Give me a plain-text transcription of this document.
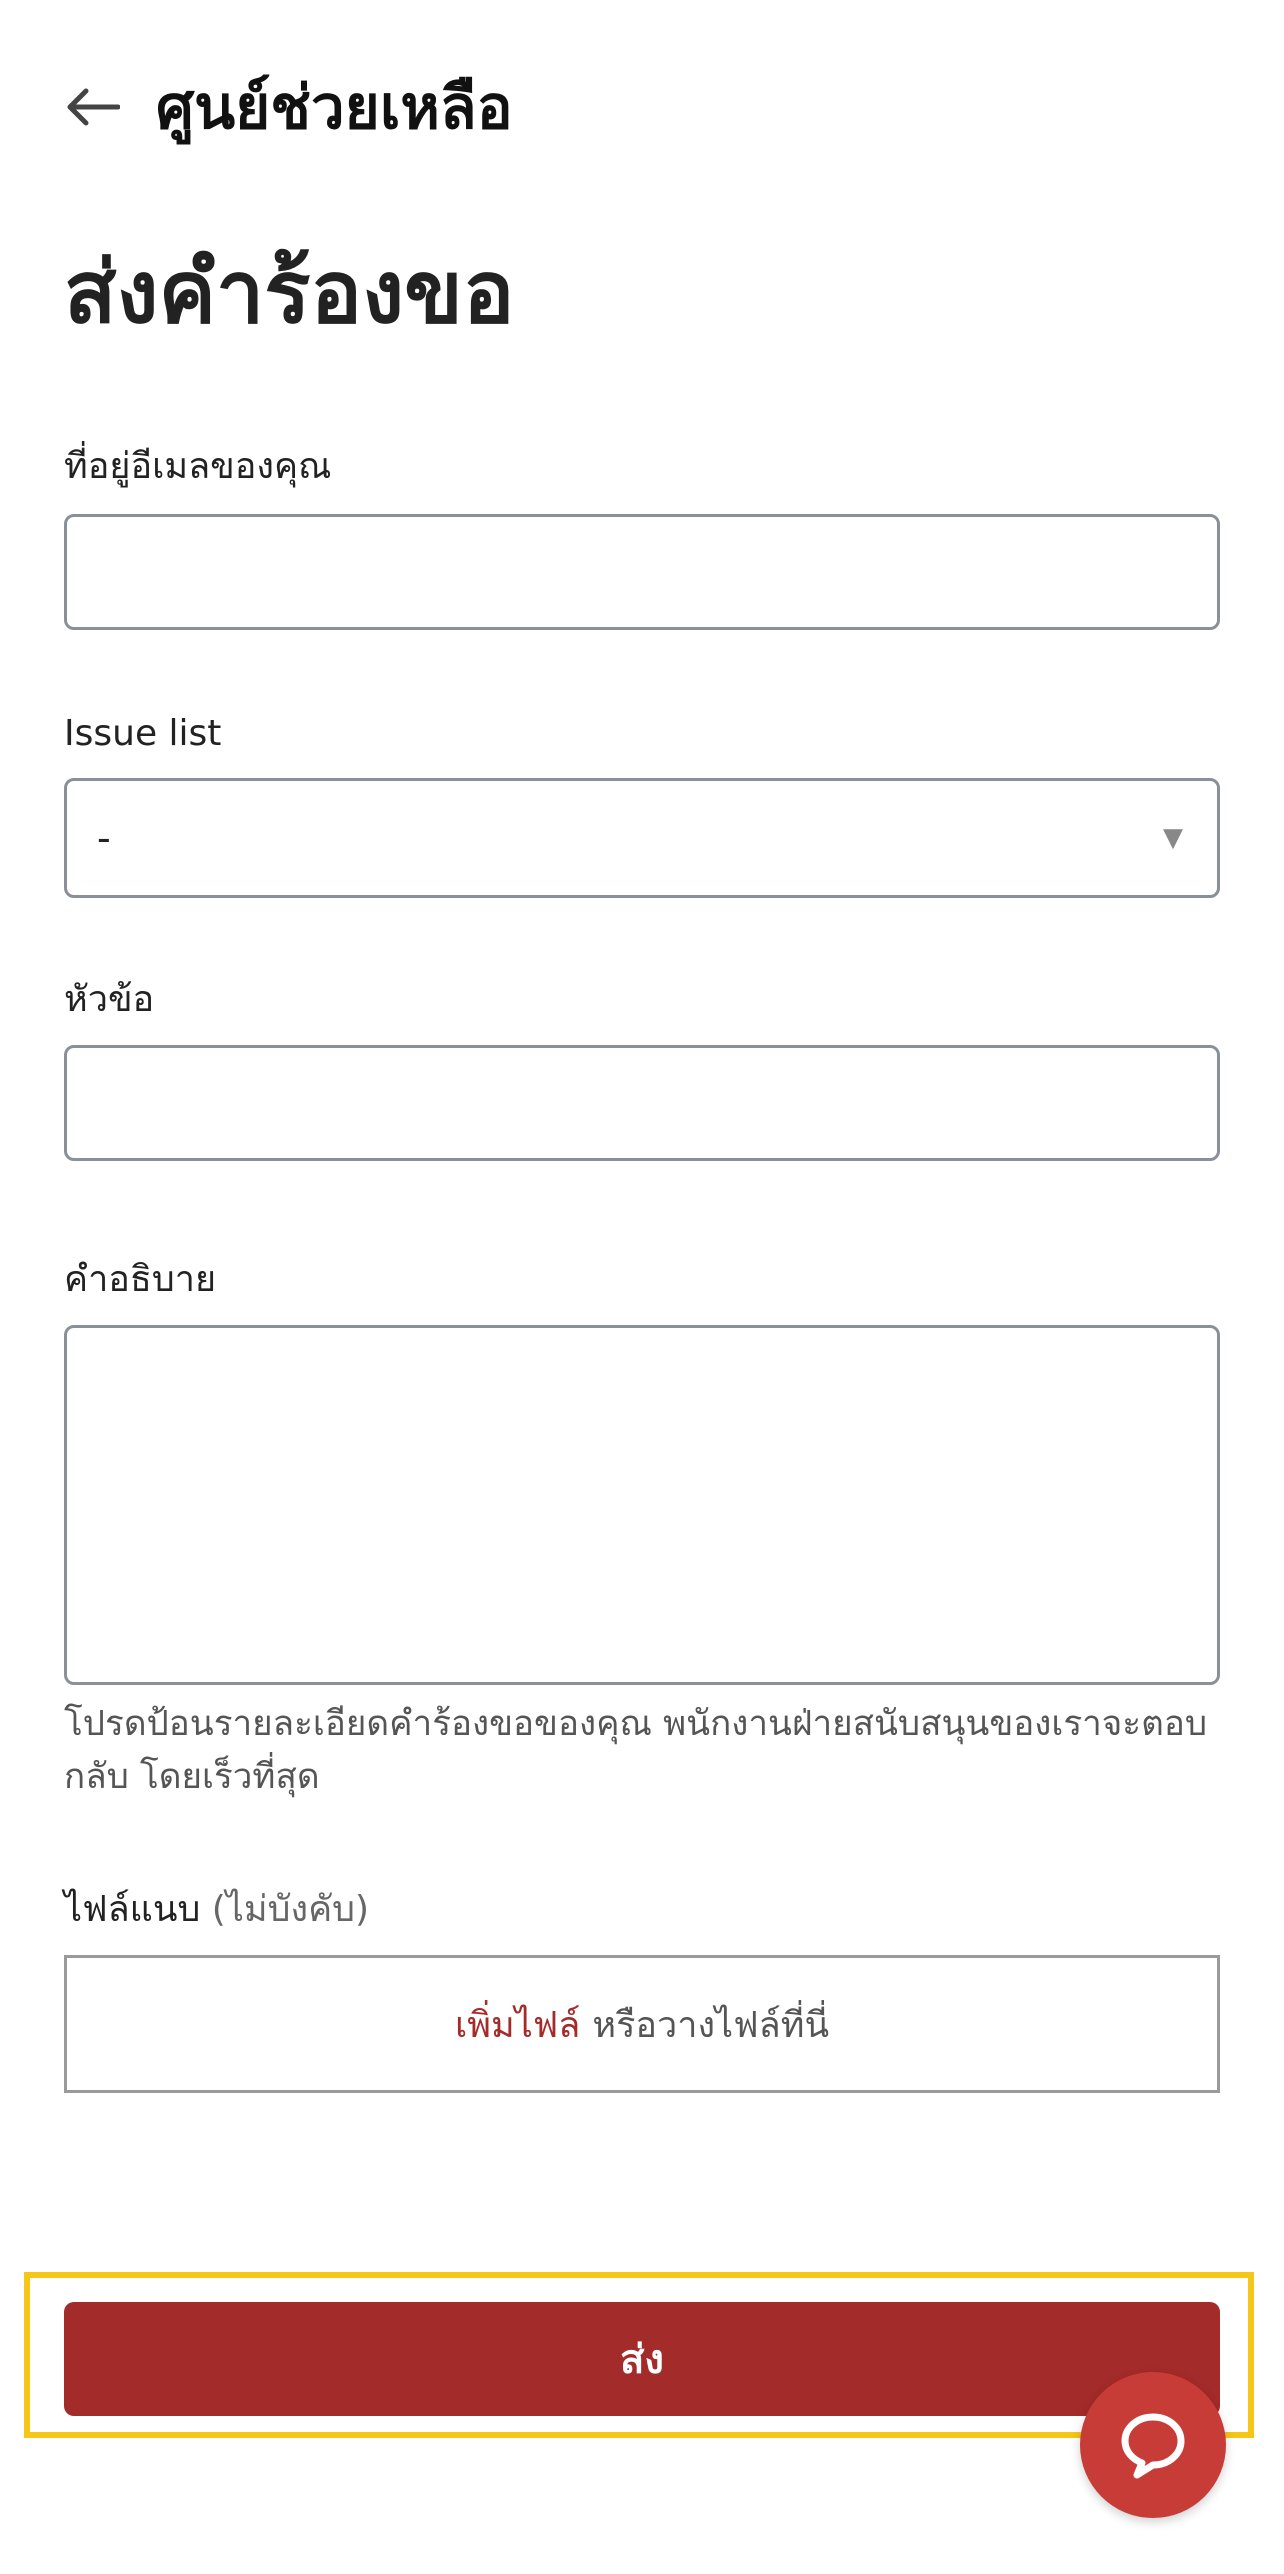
ศูนย์ช่วยเหลือ
ส่งคำร้องขอ
ที่อยู่อีเมลของคุณ
Issue list
-	▼
หัวข้อ
คำอธิบาย
โปรดป้อนรายละเอียดคำร้องขอของคุณ พนักงานฝ่ายสนับสนุนของเราจะตอบกลับ โดยเร็วที่สุด
ไฟล์แนบ (ไม่บังคับ)
เพิ่มไฟล์ หรือวางไฟล์ที่นี่
ส่ง
